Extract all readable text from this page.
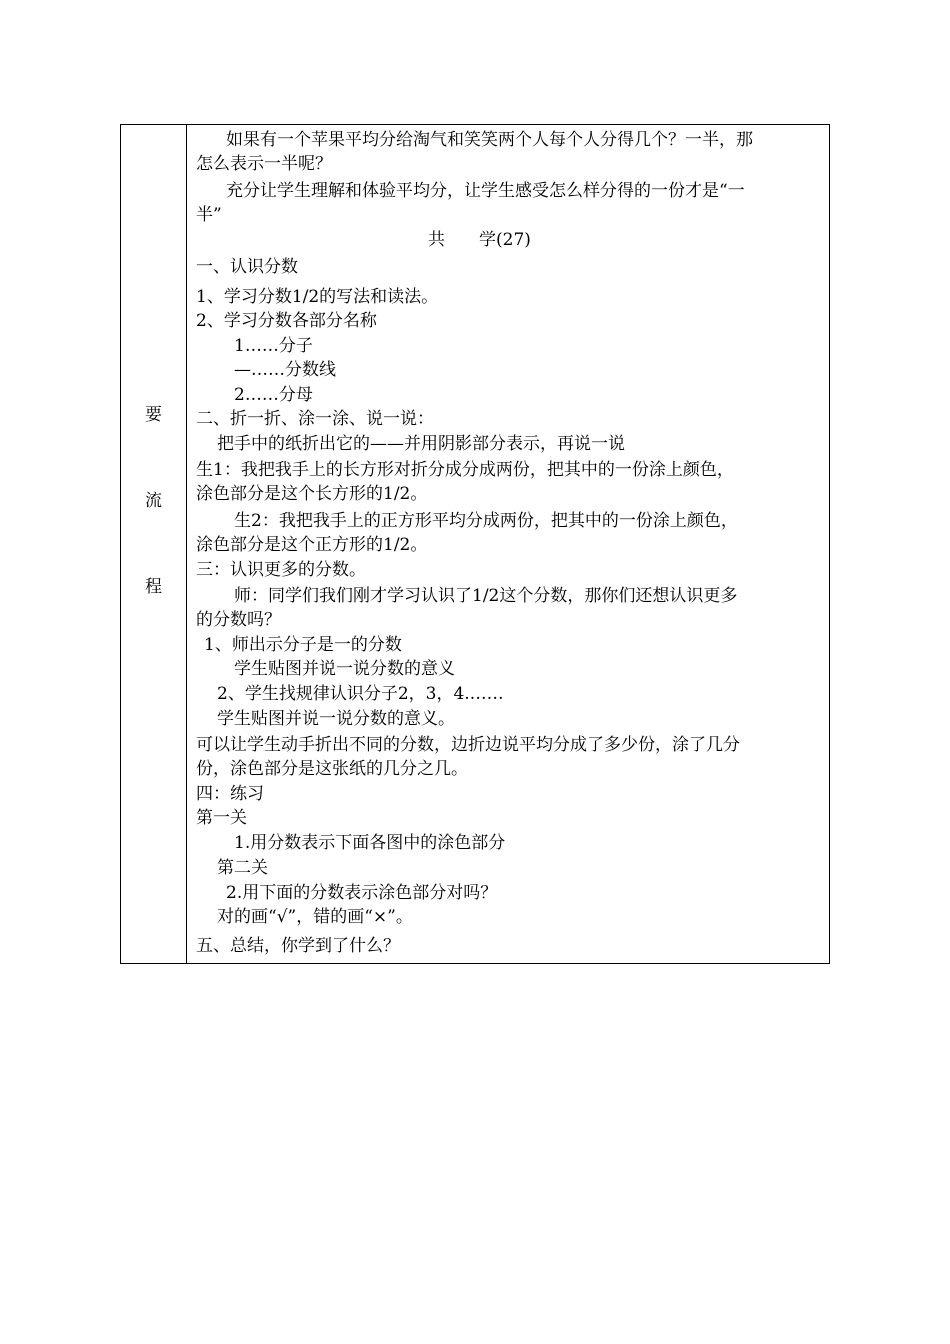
要
流
程
如果有一个苹果平均分给淘气和笑笑两个人每个人分得几个？一半，那
怎么表示一半呢？
充分让学生理解和体验平均分，让学生感受怎么样分得的一份才是“一
半”
共　　学(27)
一、认识分数
1、学习分数1/2的写法和读法。
2、学习分数各部分名称
1……分子
—……分数线
2……分母
二、折一折、涂一涂、说一说：
把手中的纸折出它的——并用阴影部分表示，再说一说
生1：我把我手上的长方形对折分成分成两份，把其中的一份涂上颜色，
涂色部分是这个长方形的1/2。
生2：我把我手上的正方形平均分成两份，把其中的一份涂上颜色，
涂色部分是这个正方形的1/2。
三：认识更多的分数。
师：同学们我们刚才学习认识了1/2这个分数，那你们还想认识更多
的分数吗？
1、师出示分子是一的分数
学生贴图并说一说分数的意义
2、学生找规律认识分子2，3，4.……
学生贴图并说一说分数的意义。
可以让学生动手折出不同的分数，边折边说平均分成了多少份，涂了几分
份，涂色部分是这张纸的几分之几。
四：练习
第一关
1.用分数表示下面各图中的涂色部分
第二关
2.用下面的分数表示涂色部分对吗？
对的画“√”，错的画“×”。
五、总结，你学到了什么？
